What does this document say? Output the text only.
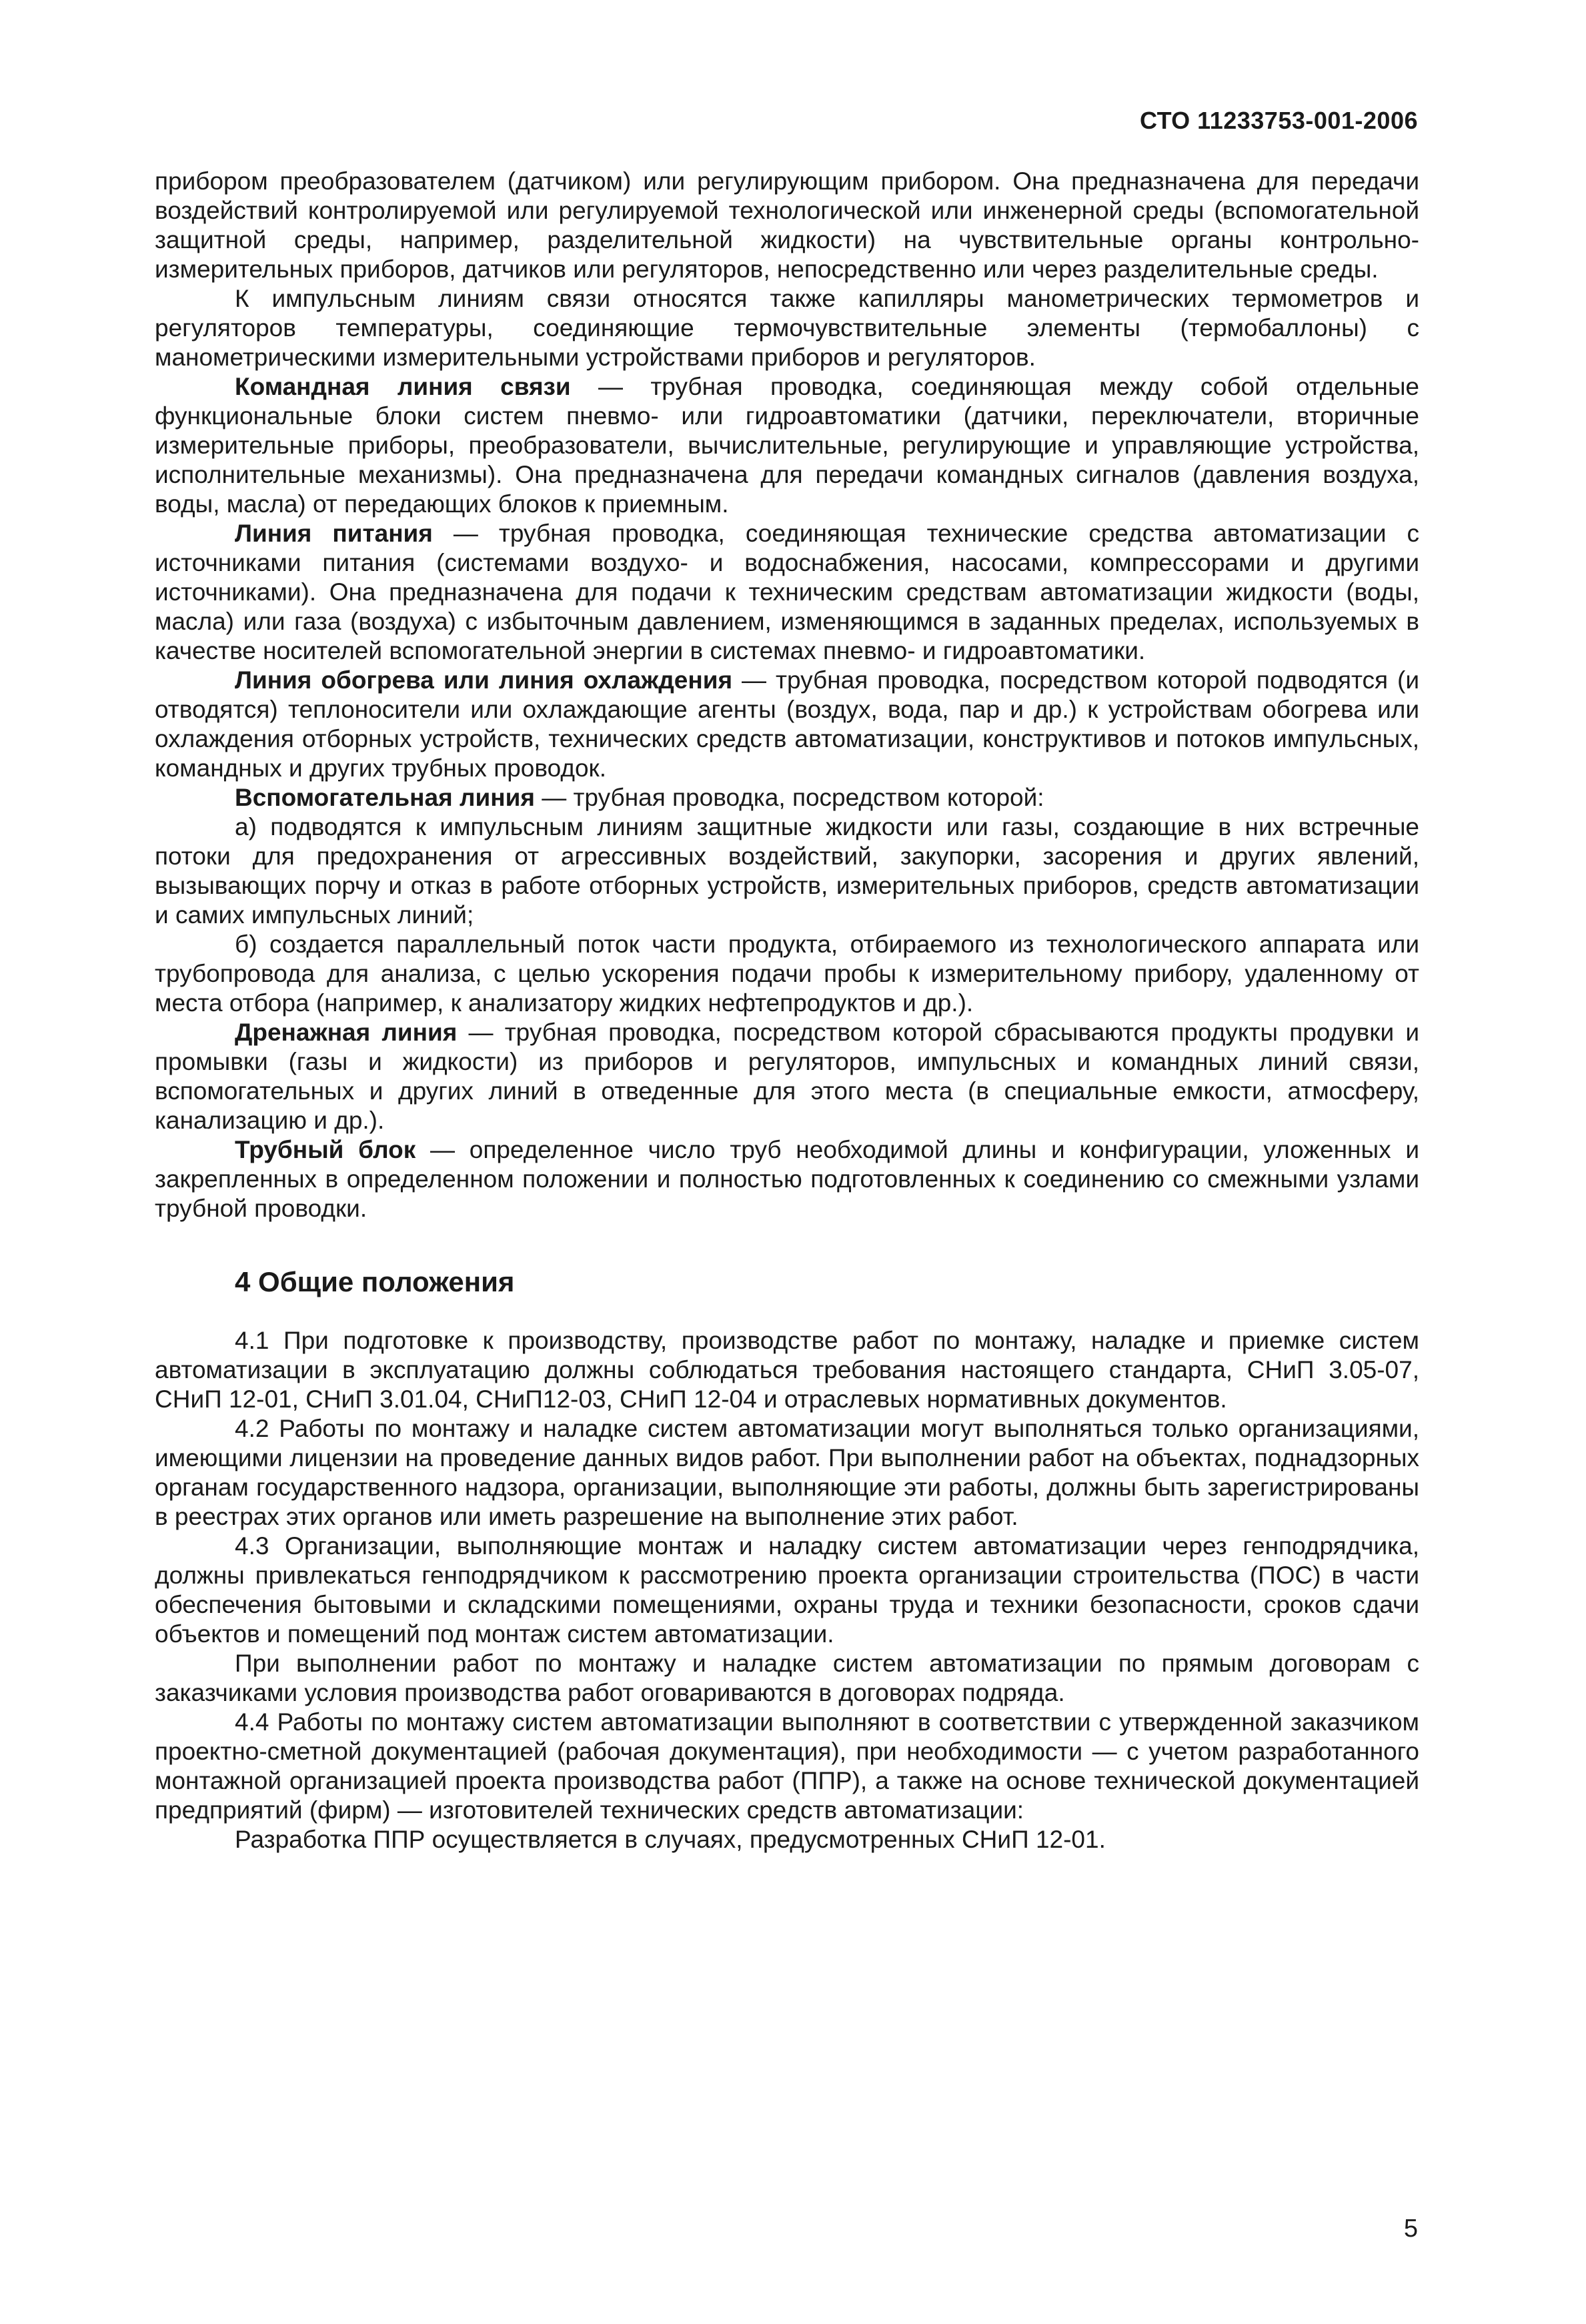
СТО 11233753-001-2006

прибором преобразователем (датчиком) или регулирующим прибором. Она предназначена для передачи воздействий контролируемой или регулируемой технологической или инженерной среды (вспомогательной защитной среды, например, разделительной жидкости) на чувствительные органы контрольно-измерительных приборов, датчиков или регуляторов, непосредственно или через разделительные среды.

К импульсным линиям связи относятся также капилляры манометрических термометров и регуляторов температуры, соединяющие термочувствительные элементы (термобаллоны) с манометрическими измерительными устройствами приборов и регуляторов.

Командная линия связи — трубная проводка, соединяющая между собой отдельные функциональные блоки систем пневмо- или гидроавтоматики (датчики, переключатели, вторичные измерительные приборы, преобразователи, вычислительные, регулирующие и управляющие устройства, исполнительные механизмы). Она предназначена для передачи командных сигналов (давления воздуха, воды, масла) от передающих блоков к приемным.

Линия питания — трубная проводка, соединяющая технические средства автоматизации с источниками питания (системами воздухо- и водоснабжения, насосами, компрессорами и другими источниками). Она предназначена для подачи к техническим средствам автоматизации жидкости (воды, масла) или газа (воздуха) с избыточным давлением, изменяющимся в заданных пределах, используемых в качестве носителей вспомогательной энергии в системах пневмо- и гидроавтоматики.

Линия обогрева или линия охлаждения — трубная проводка, посредством которой подводятся (и отводятся) теплоносители или охлаждающие агенты (воздух, вода, пар и др.) к устройствам обогрева или охлаждения отборных устройств, технических средств автоматизации, конструктивов и потоков импульсных, командных и других трубных проводок.

Вспомогательная линия — трубная проводка, посредством которой:

а) подводятся к импульсным линиям защитные жидкости или газы, создающие в них встречные потоки для предохранения от агрессивных воздействий, закупорки, засорения и других явлений, вызывающих порчу и отказ в работе отборных устройств, измерительных приборов, средств автоматизации и самих импульсных линий;

б) создается параллельный поток части продукта, отбираемого из технологического аппарата или трубопровода для анализа, с целью ускорения подачи пробы к измерительному прибору, удаленному от места отбора (например, к анализатору жидких нефтепродуктов и др.).

Дренажная линия — трубная проводка, посредством которой сбрасываются продукты продувки и промывки (газы и жидкости) из приборов и регуляторов, импульсных и командных линий связи, вспомогательных и других линий в отведенные для этого места (в специальные емкости, атмосферу, канализацию и др.).

Трубный блок — определенное число труб необходимой длины и конфигурации, уложенных и закрепленных в определенном положении и полностью подготовленных к соединению со смежными узлами трубной проводки.

4 Общие положения

4.1 При подготовке к производству, производстве работ по монтажу, наладке и приемке систем автоматизации в эксплуатацию должны соблюдаться требования настоящего стандарта, СНиП 3.05-07, СНиП 12-01, СНиП 3.01.04, СНиП12-03, СНиП 12-04 и отраслевых нормативных документов.

4.2 Работы по монтажу и наладке систем автоматизации могут выполняться только организациями, имеющими лицензии на проведение данных видов работ. При выполнении работ на объектах, поднадзорных органам государственного надзора, организации, выполняющие эти работы, должны быть зарегистрированы в реестрах этих органов или иметь разрешение на выполнение этих работ.

4.3 Организации, выполняющие монтаж и наладку систем автоматизации через генподрядчика, должны привлекаться генподрядчиком к рассмотрению проекта организации строительства (ПОС) в части обеспечения бытовыми и складскими помещениями, охраны труда и техники безопасности, сроков сдачи объектов и помещений под монтаж систем автоматизации.

При выполнении работ по монтажу и наладке систем автоматизации по прямым договорам с заказчиками условия производства работ оговариваются в договорах подряда.

4.4 Работы по монтажу систем автоматизации выполняют в соответствии с утвержденной заказчиком проектно-сметной документацией (рабочая документация), при необходимости — с учетом разработанного монтажной организацией проекта производства работ (ППР), а также на основе технической документацией предприятий (фирм) — изготовителей технических средств автоматизации:

Разработка ППР осуществляется в случаях, предусмотренных СНиП 12-01.

5
